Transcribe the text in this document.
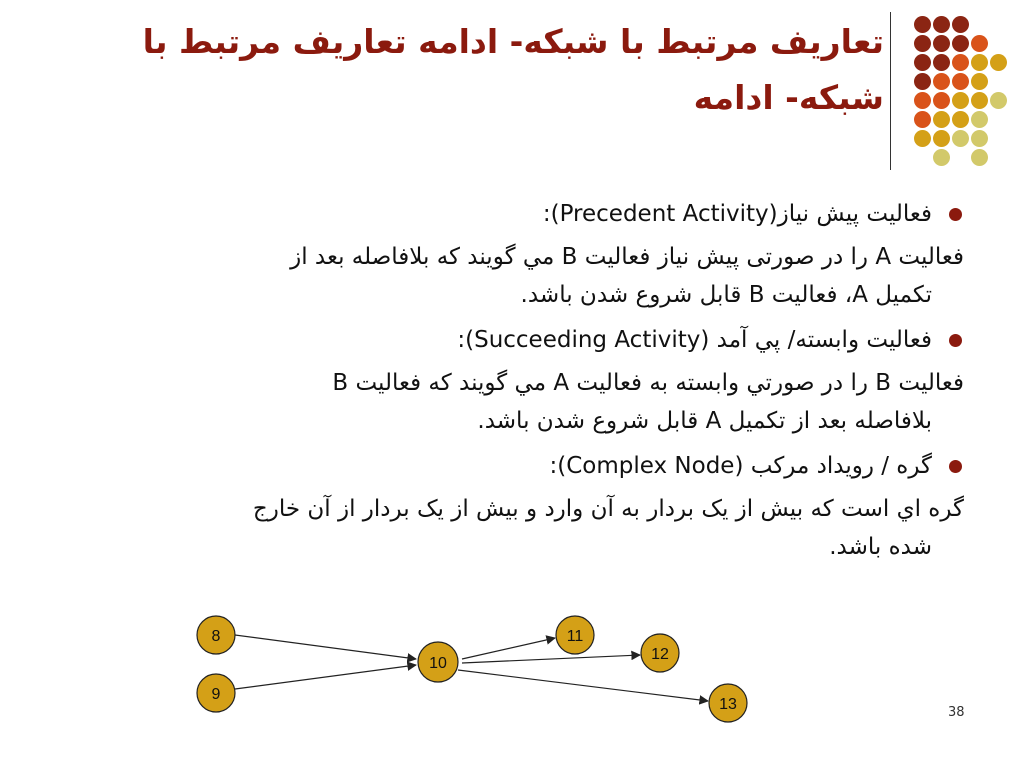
تعاريف مرتبط با شبکه- ادامه تعاريف مرتبط با شبکه- ادامه
فعاليت پيش نياز(Precedent Activity):
فعاليت A را در صورتی پيش نياز فعاليت B مي گويند که بلافاصله بعد از
تکميل A، فعاليت B قابل شروع شدن باشد.
فعاليت وابسته/ پي آمد (Succeeding Activity):
فعاليت B را در صورتي وابسته به فعاليت A مي گويند که فعاليت B
بلافاصله بعد از تکميل A قابل شروع شدن باشد.
گره / رويداد مرکب (Complex Node):
گره اي است که بيش از يک بردار به آن وارد و بيش از يک بردار از آن خارج
شده باشد.
8
9
10
11
12
13	38
